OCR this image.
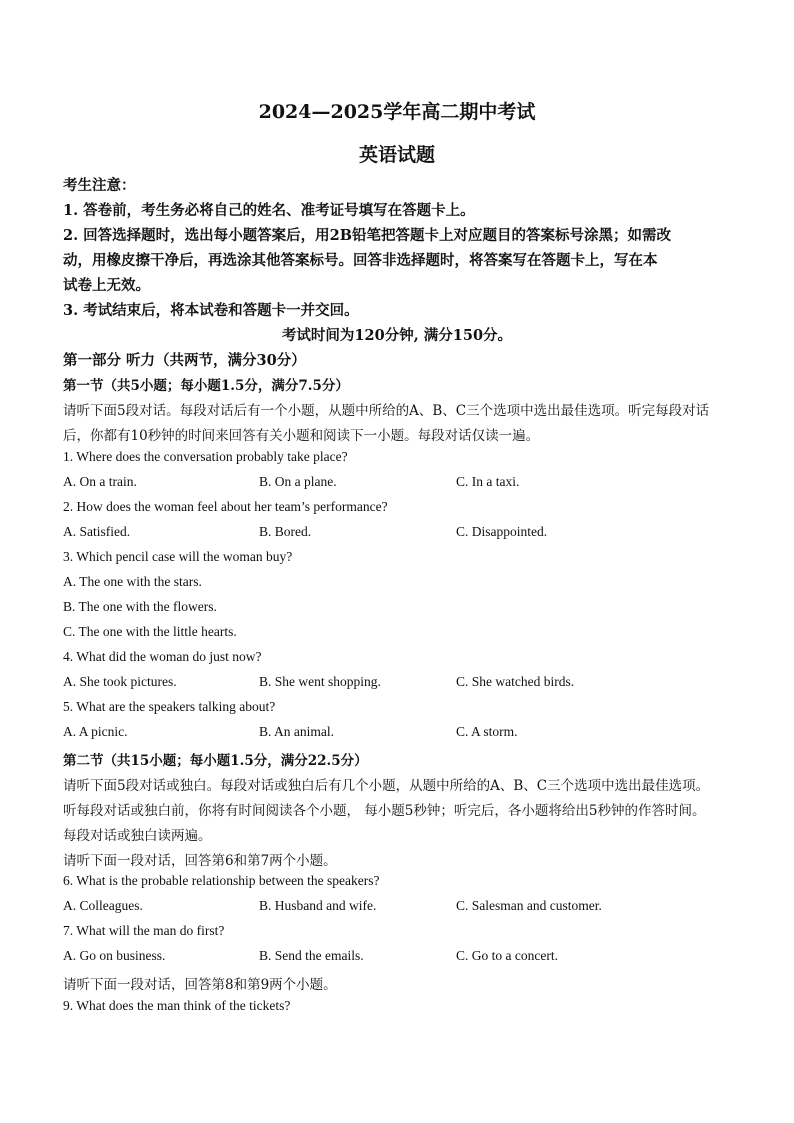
2024—2025学年高二期中考试
英语试题
考生注意：
1. 答卷前，考生务必将自己的姓名、准考证号填写在答题卡上。
2. 回答选择题时，选出每小题答案后，用2B铅笔把答题卡上对应题目的答案标号涂黑；如需改
动，用橡皮擦干净后，再选涂其他答案标号。回答非选择题时，将答案写在答题卡上，写在本
试卷上无效。
3. 考试结束后，将本试卷和答题卡一并交回。
考试时间为120分钟, 满分150分。
第一部分 听力（共两节，满分30分）
第一节（共5小题；每小题1.5分，满分7.5分）
请听下面5段对话。每段对话后有一个小题，从题中所给的A、B、C三个选项中选出最佳选项。听完每段对话
后，你都有10秒钟的时间来回答有关小题和阅读下一小题。每段对话仅读一遍。
1. Where does the conversation probably take place?
A. On a train.	B. On a plane.	C. In a taxi.
2. How does the woman feel about her team’s performance?
A. Satisfied.	B. Bored.	C. Disappointed.
3. Which pencil case will the woman buy?
A. The one with the stars.
B. The one with the flowers.
C. The one with the little hearts.
4. What did the woman do just now?
A. She took pictures.	B. She went shopping.	C. She watched birds.
5. What are the speakers talking about?
A. A picnic.	B. An animal.	C. A storm.
第二节（共15小题；每小题1.5分，满分22.5分）
请听下面5段对话或独白。每段对话或独白后有几个小题，从题中所给的A、B、C三个选项中选出最佳选项。
听每段对话或独白前，你将有时间阅读各个小题， 每小题5秒钟；听完后，各小题将给出5秒钟的作答时间。
每段对话或独白读两遍。
请听下面一段对话，回答第6和第7两个小题。
6. What is the probable relationship between the speakers?
A. Colleagues.	B. Husband and wife.	C. Salesman and customer.
7. What will the man do first?
A. Go on business.	B. Send the emails.	C. Go to a concert.
请听下面一段对话，回答第8和第9两个小题。
9. What does the man think of the tickets?
